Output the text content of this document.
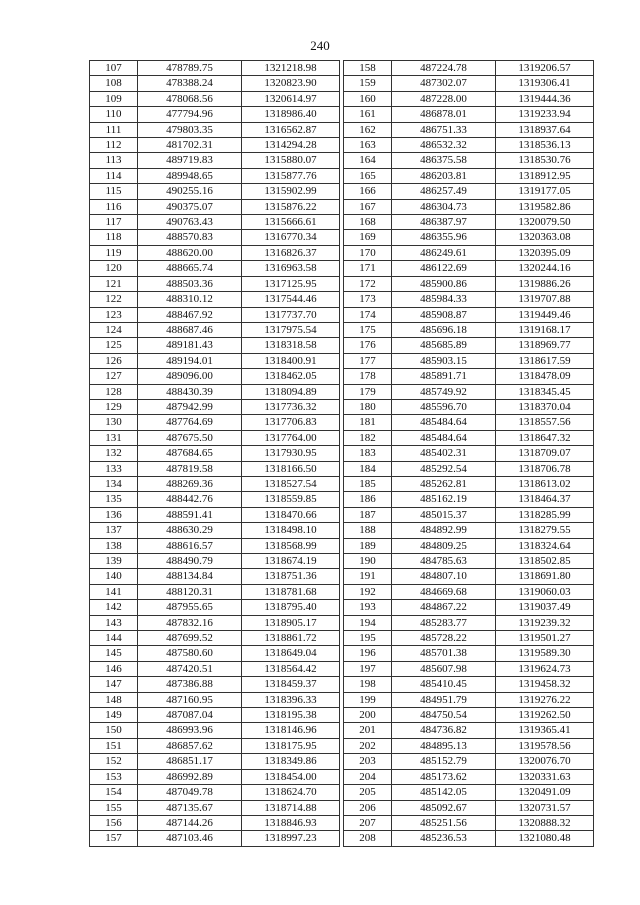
240
107	478789.75	1321218.98
108	478388.24	1320823.90
109	478068.56	1320614.97
110	477794.96	1318986.40
111	479803.35	1316562.87
112	481702.31	1314294.28
113	489719.83	1315880.07
114	489948.65	1315877.76
115	490255.16	1315902.99
116	490375.07	1315876.22
117	490763.43	1315666.61
118	488570.83	1316770.34
119	488620.00	1316826.37
120	488665.74	1316963.58
121	488503.36	1317125.95
122	488310.12	1317544.46
123	488467.92	1317737.70
124	488687.46	1317975.54
125	489181.43	1318318.58
126	489194.01	1318400.91
127	489096.00	1318462.05
128	488430.39	1318094.89
129	487942.99	1317736.32
130	487764.69	1317706.83
131	487675.50	1317764.00
132	487684.65	1317930.95
133	487819.58	1318166.50
134	488269.36	1318527.54
135	488442.76	1318559.85
136	488591.41	1318470.66
137	488630.29	1318498.10
138	488616.57	1318568.99
139	488490.79	1318674.19
140	488134.84	1318751.36
141	488120.31	1318781.68
142	487955.65	1318795.40
143	487832.16	1318905.17
144	487699.52	1318861.72
145	487580.60	1318649.04
146	487420.51	1318564.42
147	487386.88	1318459.37
148	487160.95	1318396.33
149	487087.04	1318195.38
150	486993.96	1318146.96
151	486857.62	1318175.95
152	486851.17	1318349.86
153	486992.89	1318454.00
154	487049.78	1318624.70
155	487135.67	1318714.88
156	487144.26	1318846.93
157	487103.46	1318997.23
158	487224.78	1319206.57
159	487302.07	1319306.41
160	487228.00	1319444.36
161	486878.01	1319233.94
162	486751.33	1318937.64
163	486532.32	1318536.13
164	486375.58	1318530.76
165	486203.81	1318912.95
166	486257.49	1319177.05
167	486304.73	1319582.86
168	486387.97	1320079.50
169	486355.96	1320363.08
170	486249.61	1320395.09
171	486122.69	1320244.16
172	485900.86	1319886.26
173	485984.33	1319707.88
174	485908.87	1319449.46
175	485696.18	1319168.17
176	485685.89	1318969.77
177	485903.15	1318617.59
178	485891.71	1318478.09
179	485749.92	1318345.45
180	485596.70	1318370.04
181	485484.64	1318557.56
182	485484.64	1318647.32
183	485402.31	1318709.07
184	485292.54	1318706.78
185	485262.81	1318613.02
186	485162.19	1318464.37
187	485015.37	1318285.99
188	484892.99	1318279.55
189	484809.25	1318324.64
190	484785.63	1318502.85
191	484807.10	1318691.80
192	484669.68	1319060.03
193	484867.22	1319037.49
194	485283.77	1319239.32
195	485728.22	1319501.27
196	485701.38	1319589.30
197	485607.98	1319624.73
198	485410.45	1319458.32
199	484951.79	1319276.22
200	484750.54	1319262.50
201	484736.82	1319365.41
202	484895.13	1319578.56
203	485152.79	1320076.70
204	485173.62	1320331.63
205	485142.05	1320491.09
206	485092.67	1320731.57
207	485251.56	1320888.32
208	485236.53	1321080.48
